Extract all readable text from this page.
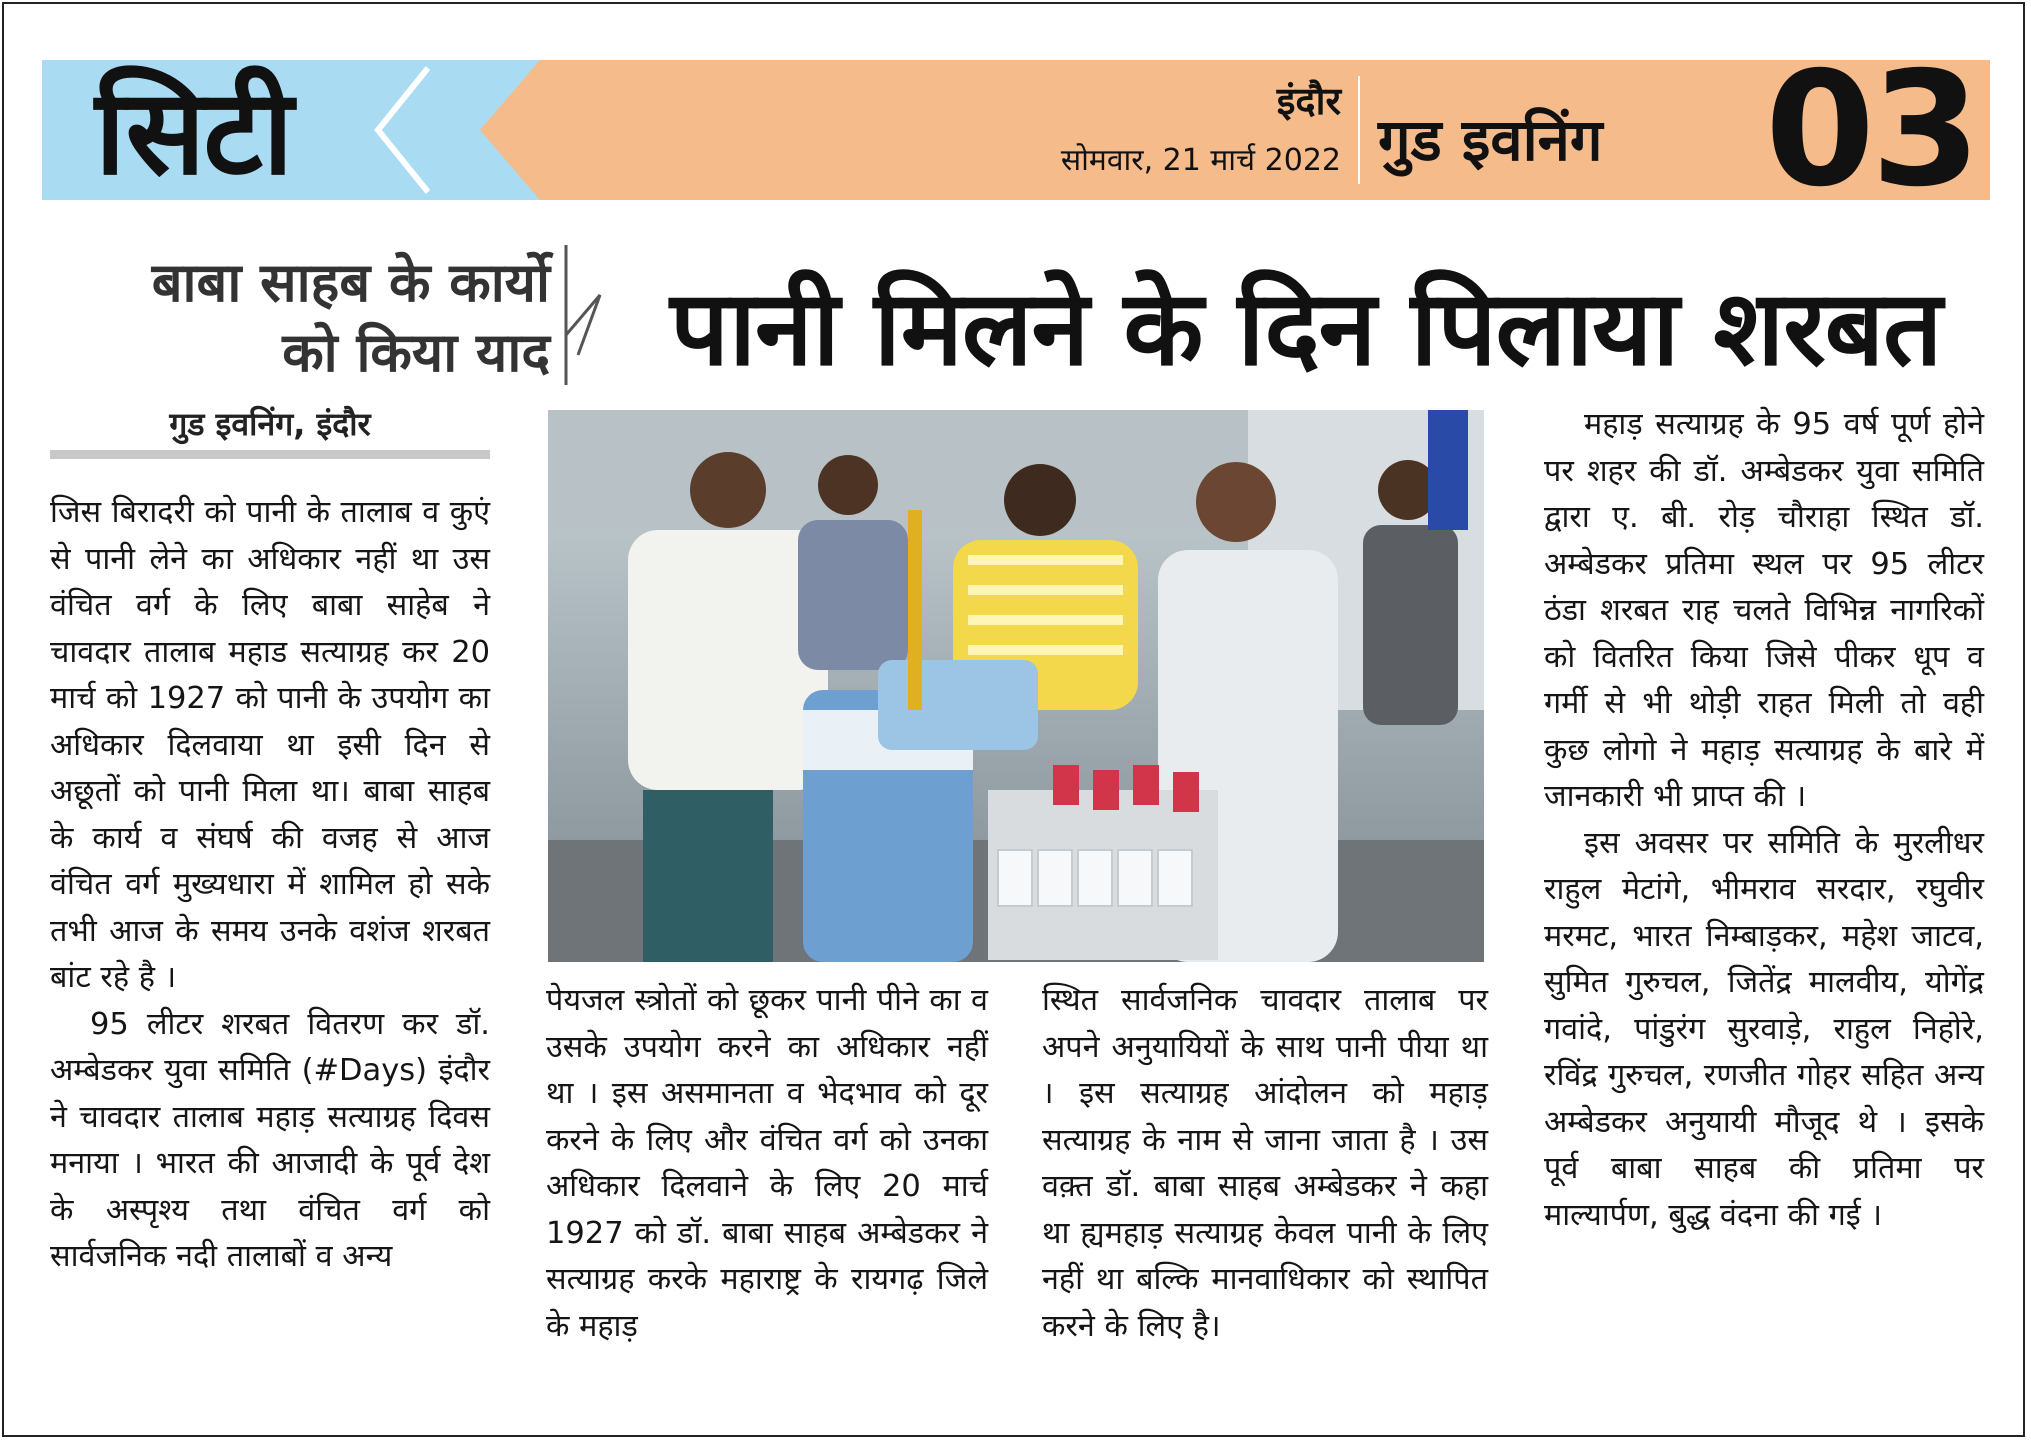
सिटी	इंदौर
सोमवार, 21 मार्च 2022 गुड इवनिंग 03
बाबा साहब के कार्यो
को किया याद पानी मिलने के दिन पिलाया शरबत
गुड इवनिंग, इंदौर

जिस बिरादरी को पानी के तालाब व कुएं से पानी लेने का अधिकार नहीं था उस वंचित वर्ग के लिए बाबा साहेब ने चावदार तालाब महाड सत्याग्रह कर 20 मार्च को 1927 को पानी के उपयोग का अधिकार दिलवाया था इसी दिन से अछूतों को पानी मिला था। बाबा साहब के कार्य व संघर्ष की वजह से आज वंचित वर्ग मुख्यधारा में शामिल हो सके तभी आज के समय उनके वशंज शरबत बांट रहे है ।

95 लीटर शरबत वितरण कर डॉ. अम्बेडकर युवा समिति (#Days) इंदौर ने चावदार तालाब महाड़ सत्याग्रह दिवस मनाया । भारत की आजादी के पूर्व देश के अस्पृश्य तथा वंचित वर्ग को सार्वजनिक नदी तालाबों व अन्य

पेयजल स्त्रोतों को छूकर पानी पीने का व उसके उपयोग करने का अधिकार नहीं था । इस असमानता व भेदभाव को दूर करने के लिए और वंचित वर्ग को उनका अधिकार दिलवाने के लिए 20 मार्च 1927 को डॉ. बाबा साहब अम्बेडकर ने सत्याग्रह करके महाराष्ट्र के रायगढ़ जिले के महाड़

स्थित सार्वजनिक चावदार तालाब पर अपने अनुयायियों के साथ पानी पीया था । इस सत्याग्रह आंदोलन को महाड़ सत्याग्रह के नाम से जाना जाता है । उस वक़्त डॉ. बाबा साहब अम्बेडकर ने कहा था ह्यमहाड़ सत्याग्रह केवल पानी के लिए नहीं था बल्कि मानवाधिकार को स्थापित करने के लिए है।

महाड़ सत्याग्रह के 95 वर्ष पूर्ण होने पर शहर की डॉ. अम्बेडकर युवा समिति द्वारा ए. बी. रोड़ चौराहा स्थित डॉ. अम्बेडकर प्रतिमा स्थल पर 95 लीटर ठंडा शरबत राह चलते विभिन्न नागरिकों को वितरित किया जिसे पीकर धूप व गर्मी से भी थोड़ी राहत मिली तो वही कुछ लोगो ने महाड़ सत्याग्रह के बारे में जानकारी भी प्राप्त की ।

इस अवसर पर समिति के मुरलीधर राहुल मेटांगे, भीमराव सरदार, रघुवीर मरमट, भारत निम्बाड़कर, महेश जाटव, सुमित गुरुचल, जितेंद्र मालवीय, योगेंद्र गवांदे, पांडुरंग सुरवाड़े, राहुल निहोरे, रविंद्र गुरुचल, रणजीत गोहर सहित अन्य अम्बेडकर अनुयायी मौजूद थे । इसके पूर्व बाबा साहब की प्रतिमा पर माल्यार्पण, बुद्ध वंदना की गई ।
